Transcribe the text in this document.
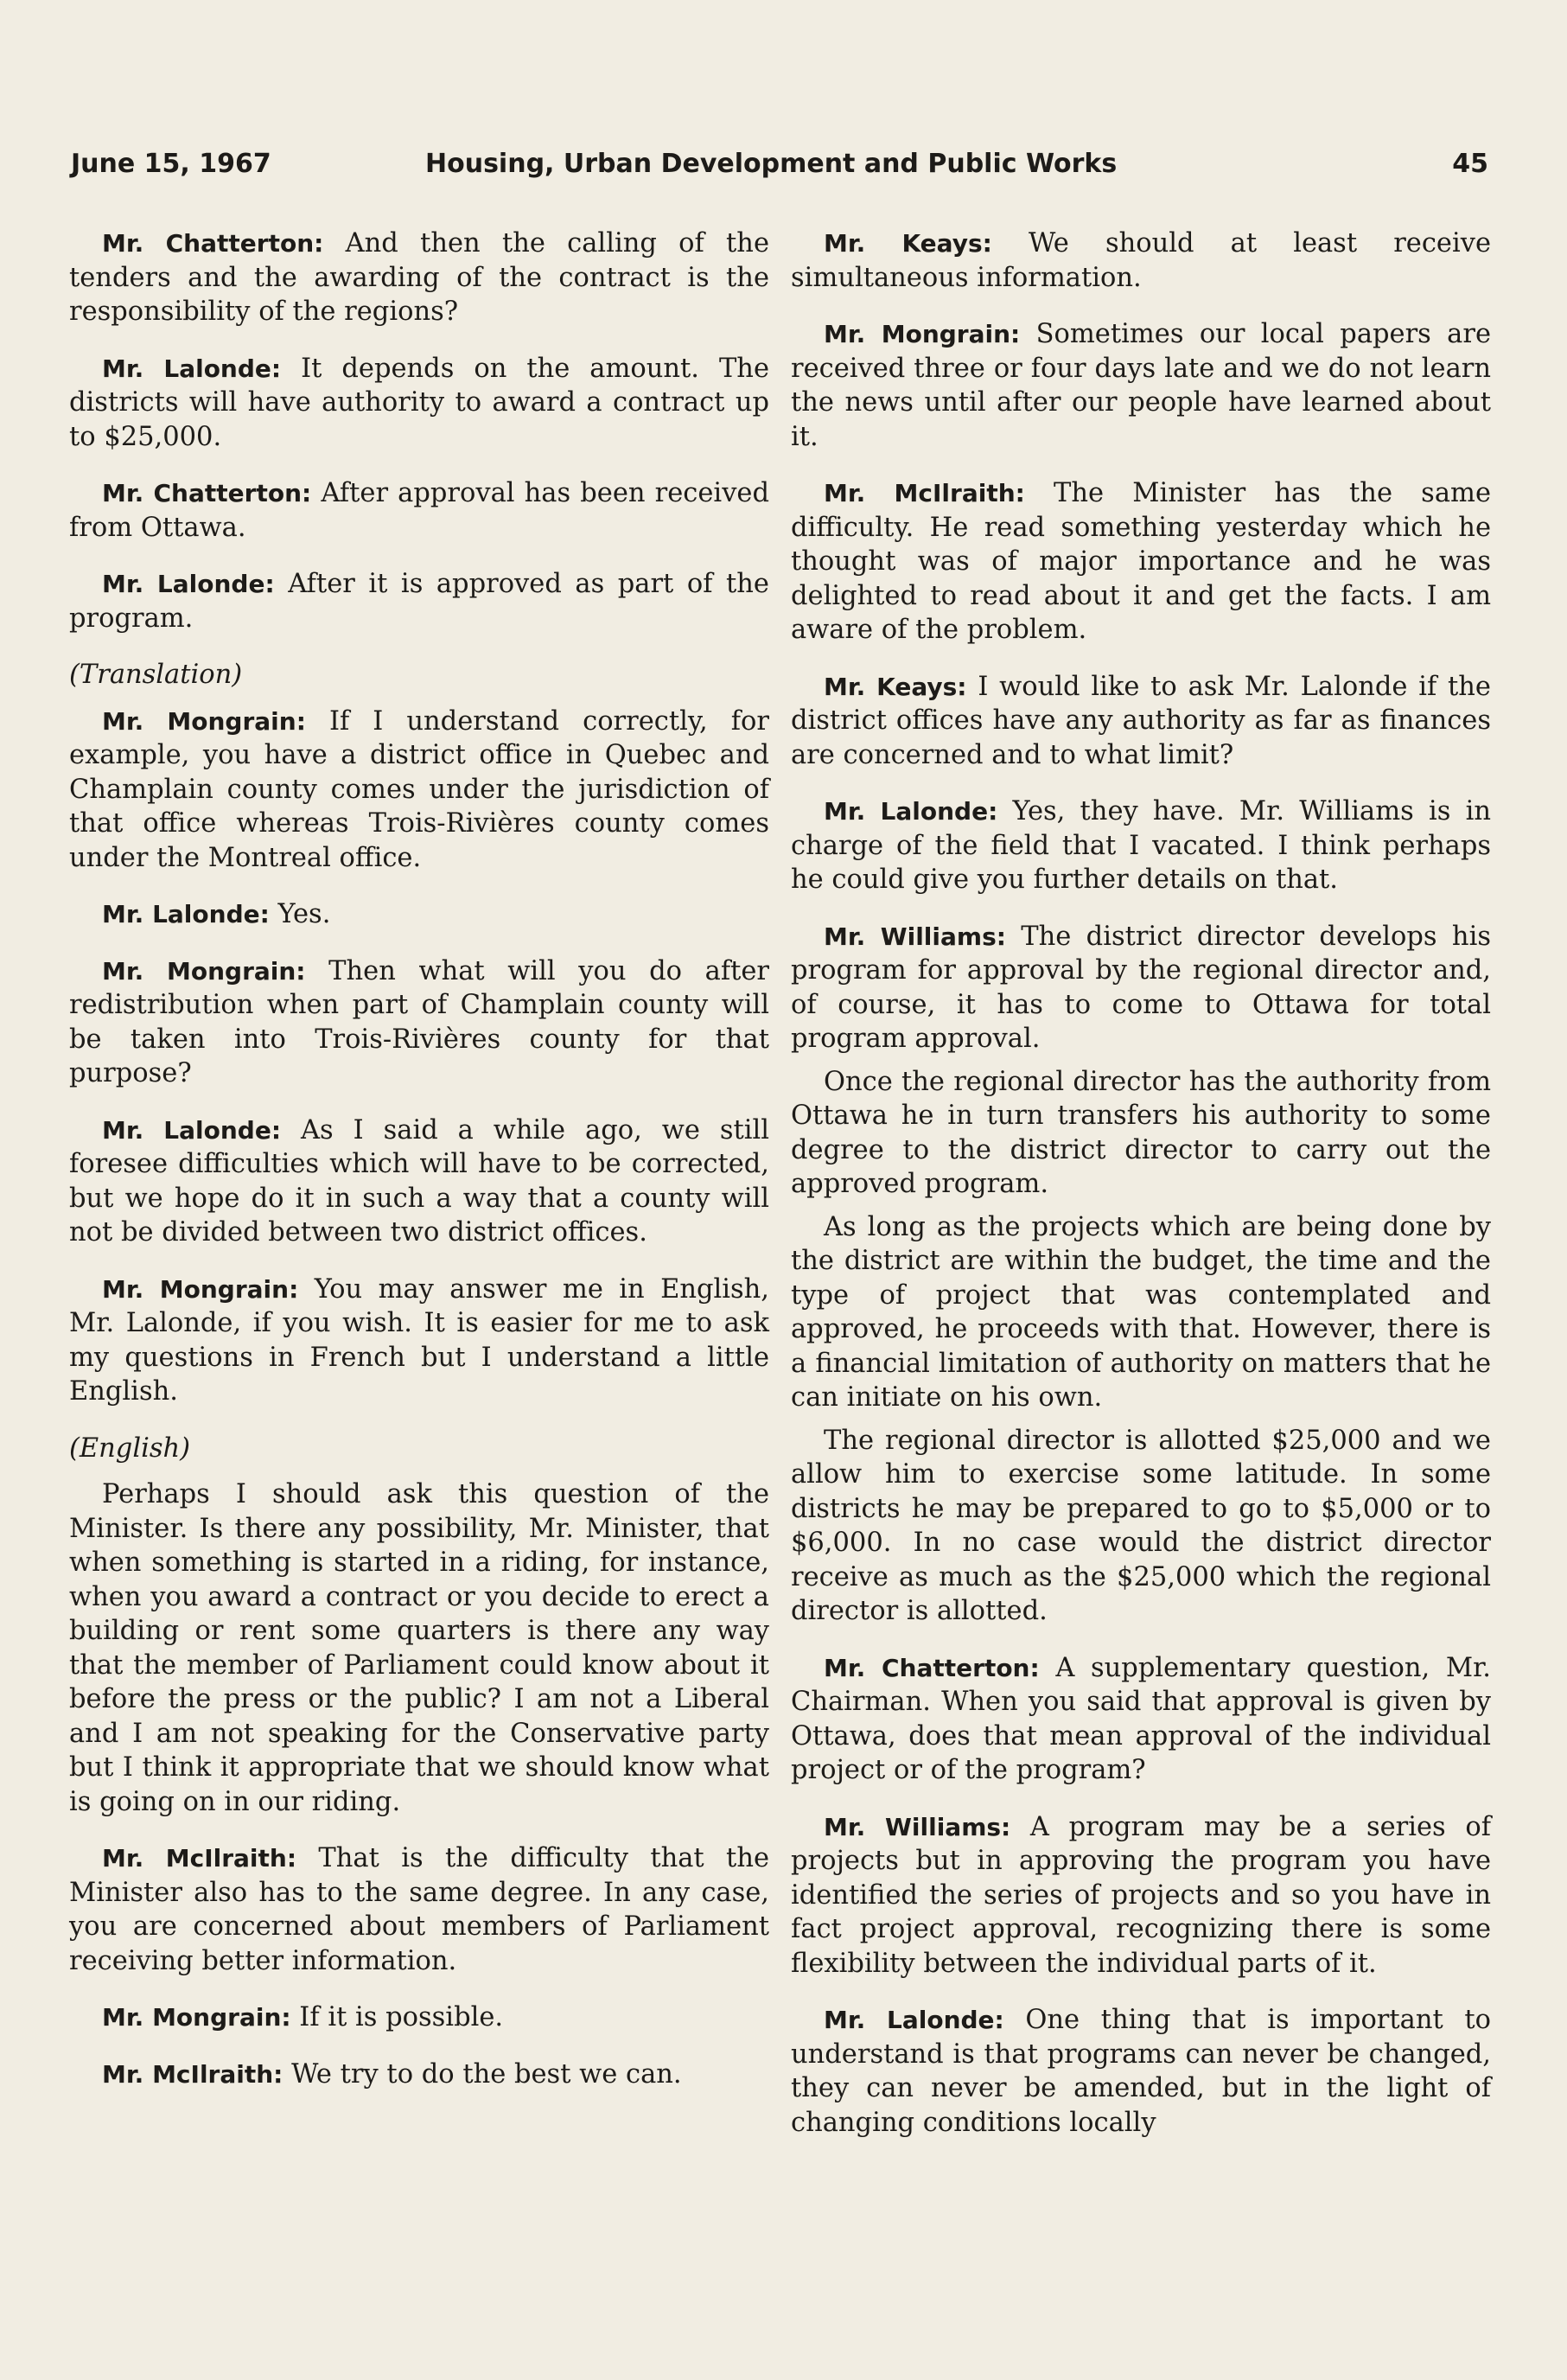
June 15, 1967	Housing, Urban Development and Public Works	45

Mr. Chatterton: And then the calling of the tenders and the awarding of the contract is the responsibility of the regions?

Mr. Lalonde: It depends on the amount. The districts will have authority to award a contract up to $25,000.

Mr. Chatterton: After approval has been received from Ottawa.

Mr. Lalonde: After it is approved as part of the program.

(Translation)

Mr. Mongrain: If I understand correctly, for example, you have a district office in Quebec and Champlain county comes under the jurisdiction of that office whereas Trois-Rivières county comes under the Montreal office.

Mr. Lalonde: Yes.

Mr. Mongrain: Then what will you do after redistribution when part of Champlain county will be taken into Trois-Rivières county for that purpose?

Mr. Lalonde: As I said a while ago, we still foresee difficulties which will have to be corrected, but we hope do it in such a way that a county will not be divided between two district offices.

Mr. Mongrain: You may answer me in English, Mr. Lalonde, if you wish. It is easier for me to ask my questions in French but I understand a little English.

(English)

Perhaps I should ask this question of the Minister. Is there any possibility, Mr. Minister, that when something is started in a riding, for instance, when you award a contract or you decide to erect a building or rent some quarters is there any way that the member of Parliament could know about it before the press or the public? I am not a Liberal and I am not speaking for the Conservative party but I think it appropriate that we should know what is going on in our riding.

Mr. McIlraith: That is the difficulty that the Minister also has to the same degree. In any case, you are concerned about members of Parliament receiving better information.

Mr. Mongrain: If it is possible.

Mr. McIlraith: We try to do the best we can.

Mr. Keays: We should at least receive simultaneous information.

Mr. Mongrain: Sometimes our local papers are received three or four days late and we do not learn the news until after our people have learned about it.

Mr. McIlraith: The Minister has the same difficulty. He read something yesterday which he thought was of major importance and he was delighted to read about it and get the facts. I am aware of the problem.

Mr. Keays: I would like to ask Mr. Lalonde if the district offices have any authority as far as finances are concerned and to what limit?

Mr. Lalonde: Yes, they have. Mr. Williams is in charge of the field that I vacated. I think perhaps he could give you further details on that.

Mr. Williams: The district director develops his program for approval by the regional director and, of course, it has to come to Ottawa for total program approval.

Once the regional director has the authority from Ottawa he in turn transfers his authority to some degree to the district director to carry out the approved program.

As long as the projects which are being done by the district are within the budget, the time and the type of project that was contemplated and approved, he proceeds with that. However, there is a financial limitation of authority on matters that he can initiate on his own.

The regional director is allotted $25,000 and we allow him to exercise some latitude. In some districts he may be prepared to go to $5,000 or to $6,000. In no case would the district director receive as much as the $25,000 which the regional director is allotted.

Mr. Chatterton: A supplementary question, Mr. Chairman. When you said that approval is given by Ottawa, does that mean approval of the individual project or of the program?

Mr. Williams: A program may be a series of projects but in approving the program you have identified the series of projects and so you have in fact project approval, recognizing there is some flexibility between the individual parts of it.

Mr. Lalonde: One thing that is important to understand is that programs can never be changed, they can never be amended, but in the light of changing conditions locally
